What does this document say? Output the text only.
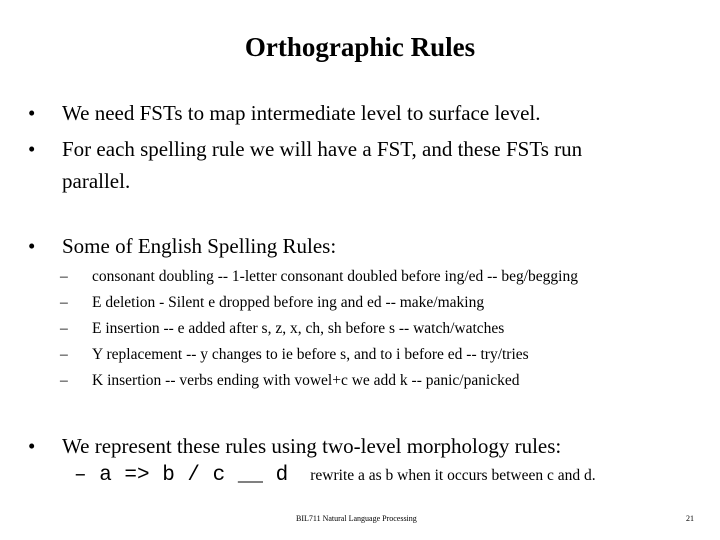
Orthographic Rules
•	We need FSTs to map intermediate level to surface level.
•	For each spelling rule we will have a FST, and these FSTs run
parallel.
•	Some of English Spelling Rules:
– consonant doubling -- 1-letter consonant doubled before ing/ed -- beg/begging
– E deletion - Silent e dropped before ing and ed -- make/making
– E insertion -- e added after s, z, x, ch, sh before s -- watch/watches
– Y replacement -- y changes to ie before s, and to i before ed -- try/tries
– K insertion -- verbs ending with vowel+c we add k -- panic/panicked
•	We represent these rules using two-level morphology rules:
– a => b / c __ d rewrite a as b when it occurs between c and d.
BIL711 Natural Language Processing	21
